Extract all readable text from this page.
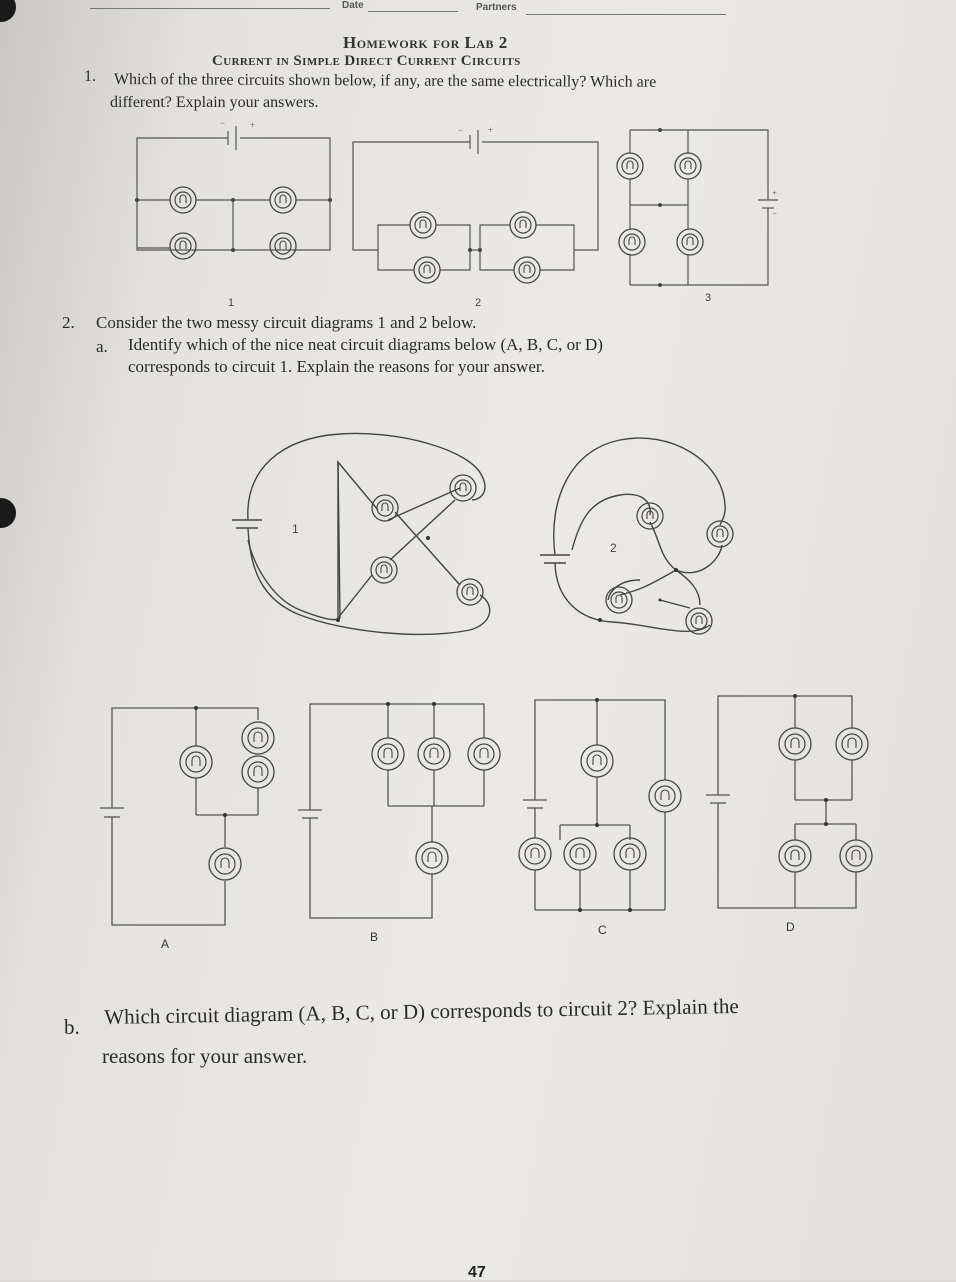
Date	Partners
Homework for Lab 2
Current in Simple Direct Current Circuits
1. Which of the three circuits shown below, if any, are the same electrically? Which are
different? Explain your answers.
1	2	3
2. Consider the two messy circuit diagrams 1 and 2 below.
a. Identify which of the nice neat circuit diagrams below (A, B, C, or D)
corresponds to circuit 1. Explain the reasons for your answer.
1
2
A	B	C	D
b. Which circuit diagram (A, B, C, or D) corresponds to circuit 2? Explain the
reasons for your answer.
47
−	+	−	+
+
−
